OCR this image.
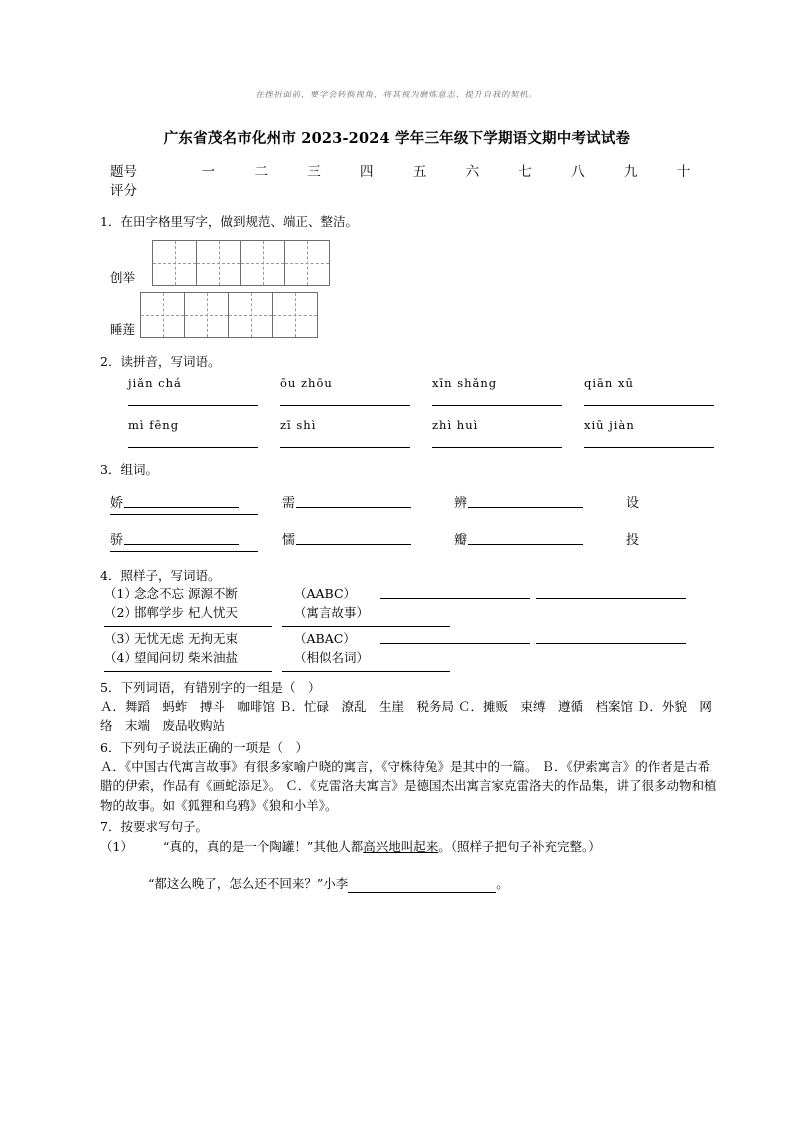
在挫折面前，要学会转换视角，将其视为磨炼意志、提升自我的契机。
广东省茂名市化州市 2023-2024 学年三年级下学期语文期中考试试卷
题号	一	二	三	四	五	六	七	八	九	十
评分
1．在田字格里写字，做到规范、端正、整洁。
创举
睡莲
2．读拼音，写词语。
jiǎn chá	ōu zhōu	xīn shǎng	qiān xū
mì fēng	zī shì	zhì huì	xiū jiàn
3．组词。
娇	需	辨	设
骄	懦	瓣	投
4．照样子，写词语。
（1）
念念不忘 源源不断	（AABC）
（2）
邯郸学步 杞人忧天	（寓言故事）
（3）
无忧无虑 无拘无束	（ABAC）
（4）
望闻问切 柴米油盐	（相似名词）
5．下列词语，有错别字的一组是（　）
Ａ．舞蹈　蚂蚱　搏斗　咖啡馆 Ｂ．忙碌　潦乱　生崖　税务局 Ｃ．摊贩　束缚　遵循　档案馆 Ｄ．外貌　网络　末端　废品收购站
6．下列句子说法正确的一项是（　）
Ａ．《中国古代寓言故事》有很多家喻户晓的寓言，《守株待兔》是其中的一篇。 Ｂ．《伊索寓言》的作者是古希腊的伊索，作品有《画蛇添足》。 Ｃ．《克雷洛夫寓言》是德国杰出寓言家克雷洛夫的作品集，讲了很多动物和植物的故事。如《狐狸和乌鸦》《狼和小羊》。
7．按要求写句子。
（1） “真的，真的是一个陶罐！”其他人都高兴地叫起来。（照样子把句子补充完整。）
“都这么晚了，怎么还不回来？”小李	。
